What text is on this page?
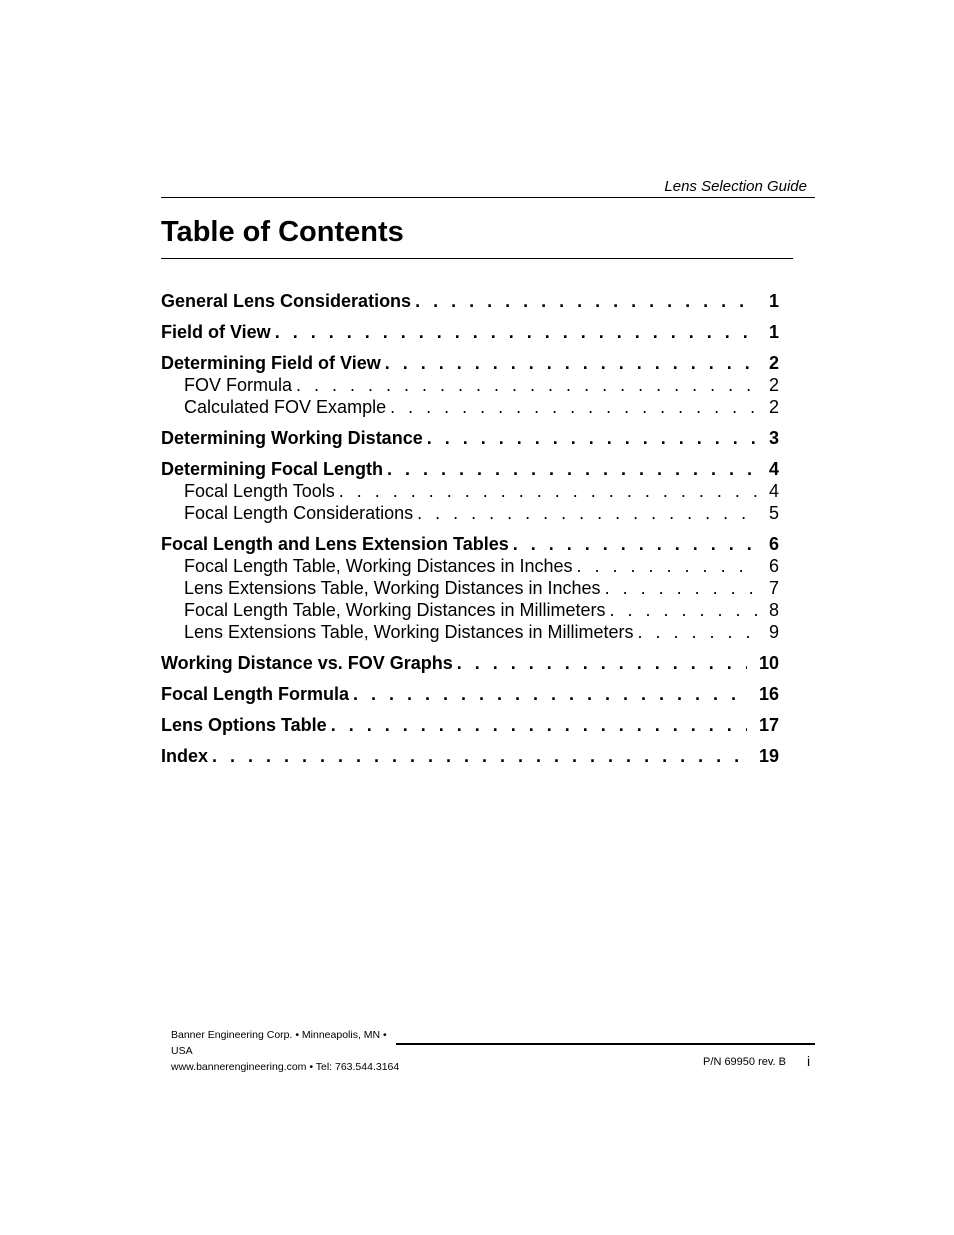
Lens Selection Guide
Table of Contents
General Lens Considerations . . .	1
Field of View . . .	1
Determining Field of View . . .	2
FOV Formula . . .	2
Calculated FOV Example . . .	2
Determining Working Distance . . .	3
Determining Focal Length . . .	4
Focal Length Tools . . .	4
Focal Length Considerations . . .	5
Focal Length and Lens Extension Tables . . .	6
Focal Length Table, Working Distances in Inches . . .	6
Lens Extensions Table, Working Distances in Inches . . .	7
Focal Length Table, Working Distances in Millimeters . . .	8
Lens Extensions Table, Working Distances in Millimeters . . .	9
Working Distance vs. FOV Graphs . . .	10
Focal Length Formula . . .	16
Lens Options Table . . .	17
Index . . .	19
Banner Engineering Corp. • Minneapolis, MN • USA
www.bannerengineering.com • Tel: 763.544.3164	P/N 69950 rev. B i
